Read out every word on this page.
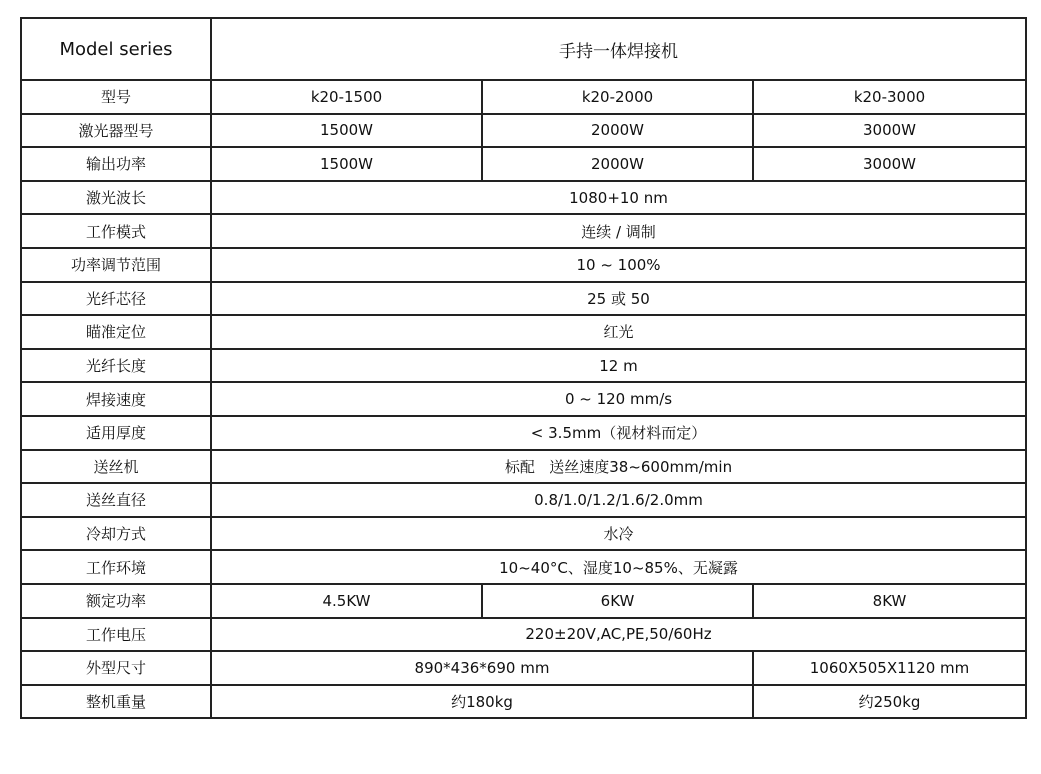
Model series	手持一体焊接机		
型号	k20-1500	k20-2000	k20-3000
激光器型号	1500W	2000W	3000W
输出功率	1500W	2000W	3000W
激光波长	1080+10 nm		
工作模式	连续 / 调制		
功率调节范围	10 ~ 100%		
光纤芯径	25 或 50		
瞄准定位	红光		
光纤长度	12 m		
焊接速度	0 ~ 120 mm/s		
适用厚度	< 3.5mm（视材料而定）		
送丝机	标配   送丝速度38~600mm/min		
送丝直径	0.8/1.0/1.2/1.6/2.0mm		
冷却方式	水冷		
工作环境	10~40°C、湿度10~85%、无凝露		
额定功率	4.5KW	6KW	8KW
工作电压	220±20V,AC,PE,50/60Hz		
外型尺寸	890*436*690 mm		1060X505X1120 mm
整机重量	约180kg		约250kg
